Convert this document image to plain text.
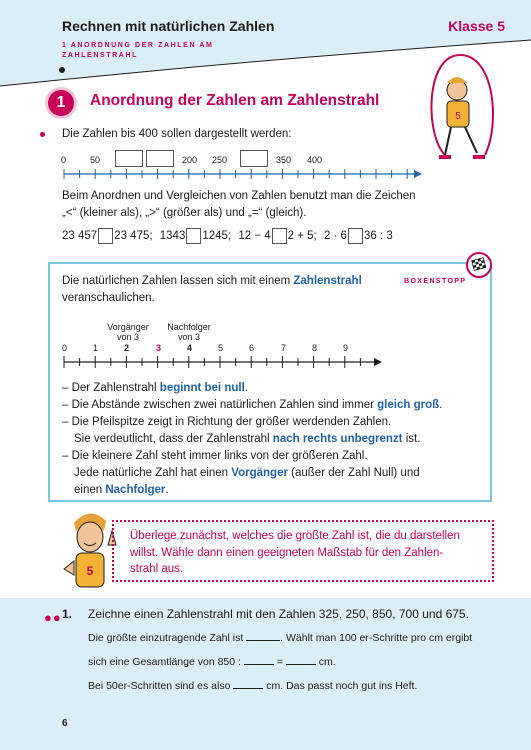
Rechnen mit natürlichen Zahlen	Klasse 5
1 ANORDNUNG DER ZAHLEN AM
ZAHLENSTRAHL
5
1	Anordnung der Zahlen am Zahlenstrahl
Die Zahlen bis 400 sollen dargestellt werden:
0	50	200 250	350 400
Beim Anordnen und Vergleichen von Zahlen benutzt man die Zeichen
„<“ (kleiner als), „>“ (größer als) und „=“ (gleich).
23 457 23 475; 1343 1245; 12 − 4 2 + 5; 2 · 6 36 : 3
BOXENSTOPP
Die natürlichen Zahlen lassen sich mit einem Zahlenstrahl
veranschaulichen.
Vorgänger
von 3
Nachfolger
von 3
0	1	2	3	4	5	6	7	8	9
– Der Zahlenstrahl beginnt bei null.
– Die Abstände zwischen zwei natürlichen Zahlen sind immer gleich groß.
– Die Pfeilspitze zeigt in Richtung der größer werdenden Zahlen.
Sie verdeutlicht, dass der Zahlenstrahl nach rechts unbegrenzt ist.
– Die kleinere Zahl steht immer links von der größeren Zahl.
Jede natürliche Zahl hat einen Vorgänger (außer der Zahl Null) und
einen Nachfolger.
5
Überlege zunächst, welches die größte Zahl ist, die du darstellen
willst. Wähle dann einen geeigneten Maßstab für den Zahlen-
strahl aus.
●● 1. Zeichne einen Zahlenstrahl mit den Zahlen 325, 250, 850, 700 und 675.
Die größte einzutragende Zahl ist	. Wählt man 100 er-Schritte pro cm ergibt
sich eine Gesamtlänge von 850 :	=	cm.
Bei 50er-Schritten sind es also	cm. Das passt noch gut ins Heft.
6
